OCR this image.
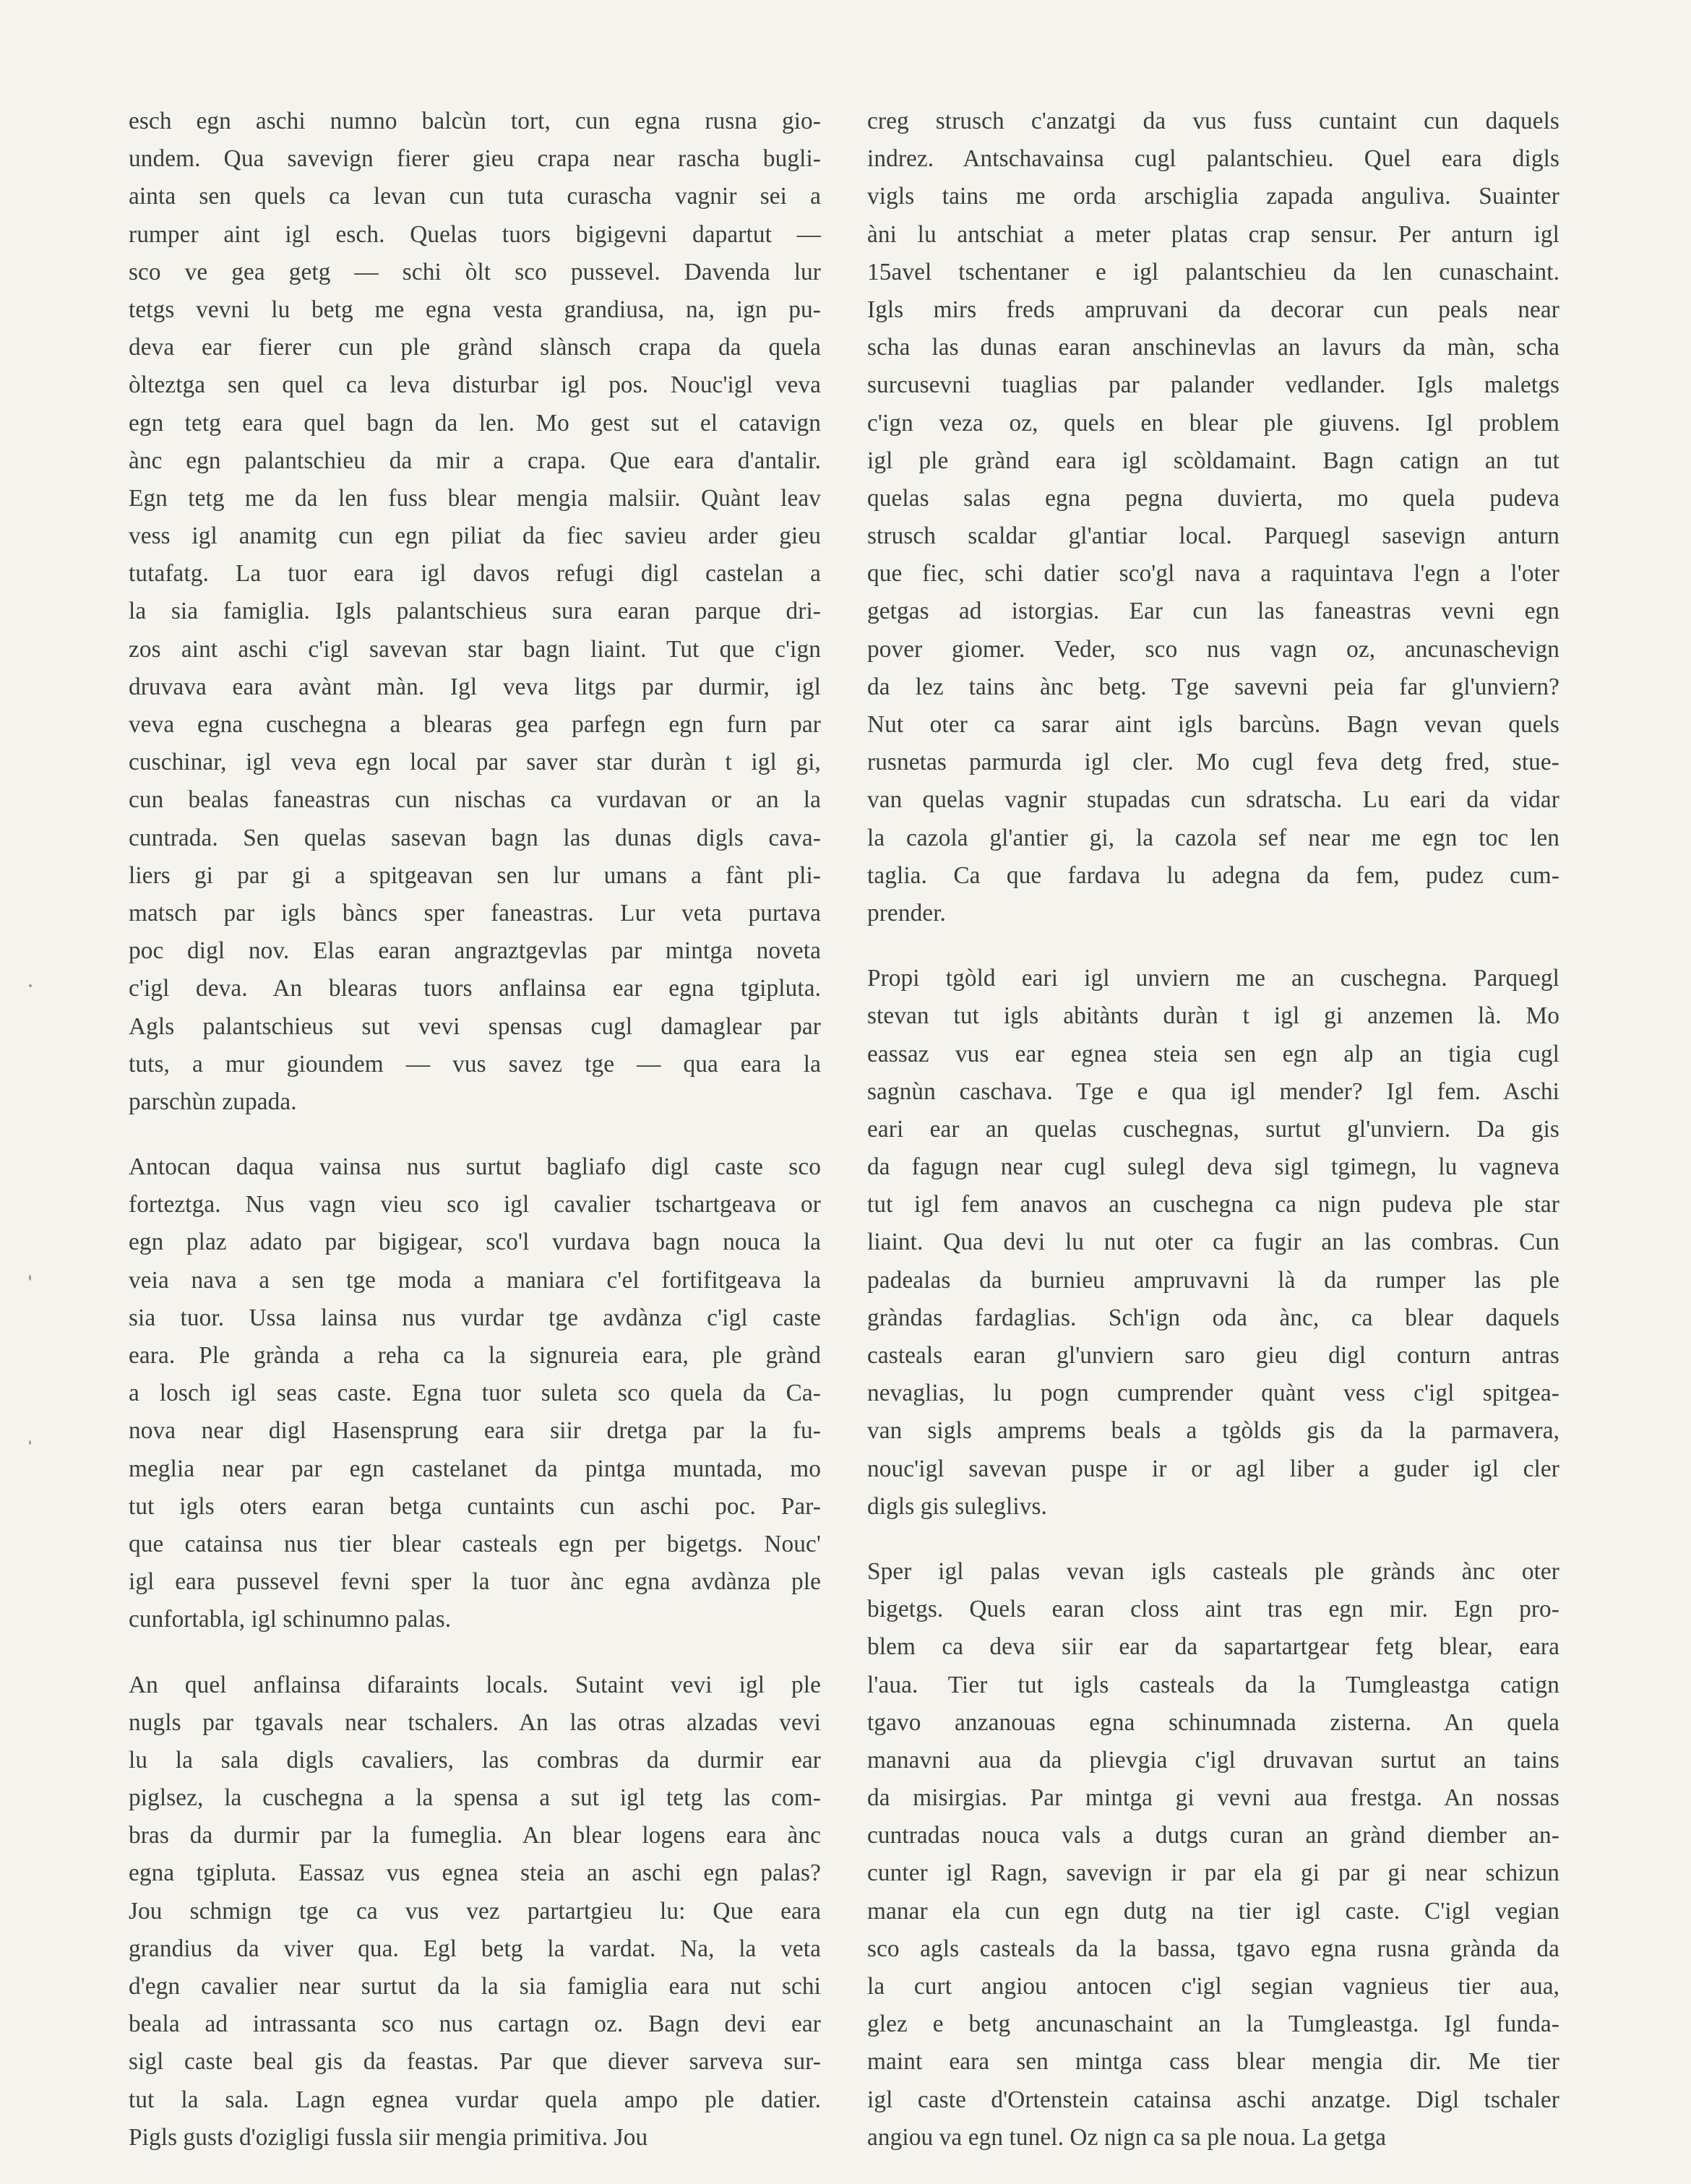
esch egn aschi numno balcùn tort, cun egna rusna gio-
undem. Qua savevign fierer gieu crapa near rascha bugli-
ainta sen quels ca levan cun tuta curascha vagnir sei a
rumper aint igl esch. Quelas tuors bigigevni dapartut —
sco ve gea getg — schi òlt sco pussevel. Davenda lur
tetgs vevni lu betg me egna vesta grandiusa, na, ign pu-
deva ear fierer cun ple grànd slànsch crapa da quela
òlteztga sen quel ca leva disturbar igl pos. Nouc'igl veva
egn tetg eara quel bagn da len. Mo gest sut el catavign
ànc egn palantschieu da mir a crapa. Que eara d'antalir.
Egn tetg me da len fuss blear mengia malsiir. Quànt leav
vess igl anamitg cun egn piliat da fiec savieu arder gieu
tutafatg. La tuor eara igl davos refugi digl castelan a
la sia famiglia. Igls palantschieus sura earan parque dri-
zos aint aschi c'igl savevan star bagn liaint. Tut que c'ign
druvava eara avànt màn. Igl veva litgs par durmir, igl
veva egna cuschegna a blearas gea parfegn egn furn par
cuschinar, igl veva egn local par saver star duràn t igl gi,
cun bealas faneastras cun nischas ca vurdavan or an la
cuntrada. Sen quelas sasevan bagn las dunas digls cava-
liers gi par gi a spitgeavan sen lur umans a fànt pli-
matsch par igls bàncs sper faneastras. Lur veta purtava
poc digl nov. Elas earan angraztgevlas par mintga noveta
c'igl deva. An blearas tuors anflainsa ear egna tgipluta.
Agls palantschieus sut vevi spensas cugl damaglear par
tuts, a mur gioundem — vus savez tge — qua eara la
parschùn zupada.
Antocan daqua vainsa nus surtut bagliafo digl caste sco
forteztga. Nus vagn vieu sco igl cavalier tschartgeava or
egn plaz adato par bigigear, sco'l vurdava bagn nouca la
veia nava a sen tge moda a maniara c'el fortifitgeava la
sia tuor. Ussa lainsa nus vurdar tge avdànza c'igl caste
eara. Ple grànda a reha ca la signureia eara, ple grànd
a losch igl seas caste. Egna tuor suleta sco quela da Ca-
nova near digl Hasensprung eara siir dretga par la fu-
meglia near par egn castelanet da pintga muntada, mo
tut igls oters earan betga cuntaints cun aschi poc. Par-
que catainsa nus tier blear casteals egn per bigetgs. Nouc'
igl eara pussevel fevni sper la tuor ànc egna avdànza ple
cunfortabla, igl schinumno palas.
An quel anflainsa difaraints locals. Sutaint vevi igl ple
nugls par tgavals near tschalers. An las otras alzadas vevi
lu la sala digls cavaliers, las combras da durmir ear
piglsez, la cuschegna a la spensa a sut igl tetg las com-
bras da durmir par la fumeglia. An blear logens eara ànc
egna tgipluta. Eassaz vus egnea steia an aschi egn palas?
Jou schmign tge ca vus vez partartgieu lu: Que eara
grandius da viver qua. Egl betg la vardat. Na, la veta
d'egn cavalier near surtut da la sia famiglia eara nut schi
beala ad intrassanta sco nus cartagn oz. Bagn devi ear
sigl caste beal gis da feastas. Par que diever sarveva sur-
tut la sala. Lagn egnea vurdar quela ampo ple datier.
Pigls gusts d'ozigligi fussla siir mengia primitiva. Jou
creg strusch c'anzatgi da vus fuss cuntaint cun daquels
indrez. Antschavainsa cugl palantschieu. Quel eara digls
vigls tains me orda arschiglia zapada anguliva. Suainter
àni lu antschiat a meter platas crap sensur. Per anturn igl
15avel tschentaner e igl palantschieu da len cunaschaint.
Igls mirs freds ampruvani da decorar cun peals near
scha las dunas earan anschinevlas an lavurs da màn, scha
surcusevni tuaglias par palander vedlander. Igls maletgs
c'ign veza oz, quels en blear ple giuvens. Igl problem
igl ple grànd eara igl scòldamaint. Bagn catign an tut
quelas salas egna pegna duvierta, mo quela pudeva
strusch scaldar gl'antiar local. Parquegl sasevign anturn
que fiec, schi datier sco'gl nava a raquintava l'egn a l'oter
getgas ad istorgias. Ear cun las faneastras vevni egn
pover giomer. Veder, sco nus vagn oz, ancunaschevign
da lez tains ànc betg. Tge savevni peia far gl'unviern?
Nut oter ca sarar aint igls barcùns. Bagn vevan quels
rusnetas parmurda igl cler. Mo cugl feva detg fred, stue-
van quelas vagnir stupadas cun sdratscha. Lu eari da vidar
la cazola gl'antier gi, la cazola sef near me egn toc len
taglia. Ca que fardava lu adegna da fem, pudez cum-
prender.
Propi tgòld eari igl unviern me an cuschegna. Parquegl
stevan tut igls abitànts duràn t igl gi anzemen là. Mo
eassaz vus ear egnea steia sen egn alp an tigia cugl
sagnùn caschava. Tge e qua igl mender? Igl fem. Aschi
eari ear an quelas cuschegnas, surtut gl'unviern. Da gis
da fagugn near cugl sulegl deva sigl tgimegn, lu vagneva
tut igl fem anavos an cuschegna ca nign pudeva ple star
liaint. Qua devi lu nut oter ca fugir an las combras. Cun
padealas da burnieu ampruvavni là da rumper las ple
gràndas fardaglias. Sch'ign oda ànc, ca blear daquels
casteals earan gl'unviern saro gieu digl conturn antras
nevaglias, lu pogn cumprender quànt vess c'igl spitgea-
van sigls amprems beals a tgòlds gis da la parmavera,
nouc'igl savevan puspe ir or agl liber a guder igl cler
digls gis suleglivs.
Sper igl palas vevan igls casteals ple grànds ànc oter
bigetgs. Quels earan closs aint tras egn mir. Egn pro-
blem ca deva siir ear da sapartartgear fetg blear, eara
l'aua. Tier tut igls casteals da la Tumgleastga catign
tgavo anzanouas egna schinumnada zisterna. An quela
manavni aua da plievgia c'igl druvavan surtut an tains
da misirgias. Par mintga gi vevni aua frestga. An nossas
cuntradas nouca vals a dutgs curan an grànd diember an-
cunter igl Ragn, savevign ir par ela gi par gi near schizun
manar ela cun egn dutg na tier igl caste. C'igl vegian
sco agls casteals da la bassa, tgavo egna rusna grànda da
la curt angiou antocen c'igl segian vagnieus tier aua,
glez e betg ancunaschaint an la Tumgleastga. Igl funda-
maint eara sen mintga cass blear mengia dir. Me tier
igl caste d'Ortenstein catainsa aschi anzatge. Digl tschaler
angiou va egn tunel. Oz nign ca sa ple noua. La getga
